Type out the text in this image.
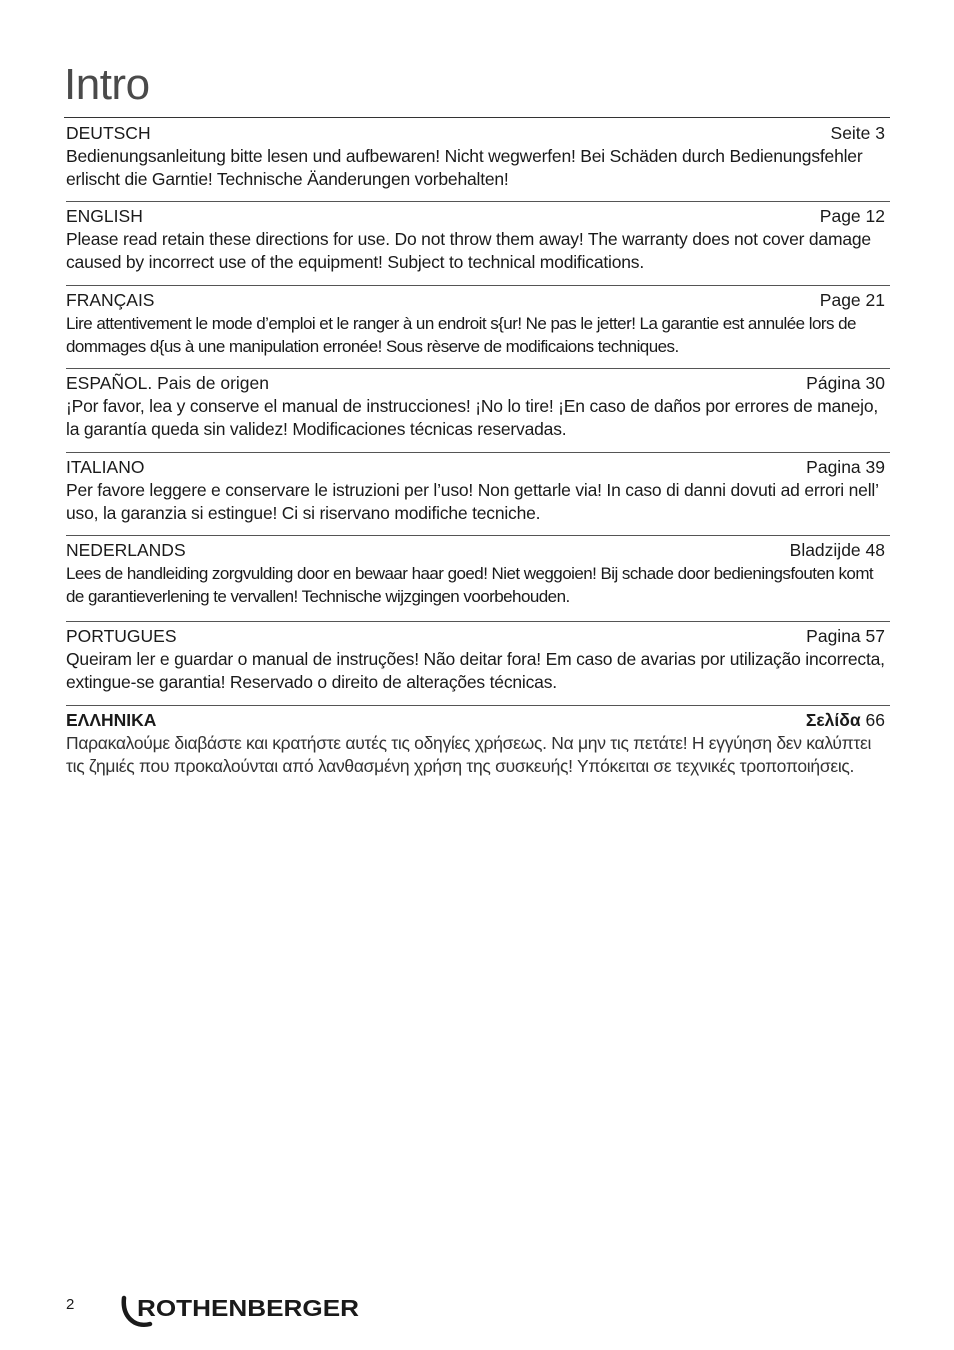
Intro
DEUTSCH	Seite 3
Bedienungsanleitung bitte lesen und aufbewaren! Nicht wegwerfen! Bei Schäden durch Bedienungsfehler erlischt die Garntie! Technische Äanderungen vorbehalten!
ENGLISH	Page 12
Please read retain these directions for use. Do not throw them away! The warranty does not cover damage caused by incorrect use of the equipment! Subject to technical modifications.
FRANÇAIS	Page 21
Lire attentivement le mode d’emploi et le ranger à un endroit s{ur! Ne pas le jetter! La garantie est annulée lors de dommages d{us à une manipulation erronée! Sous rèserve de modificaions techniques.
ESPAÑOL. Pais de origen	Página 30
¡Por favor, lea y conserve el manual de instrucciones! ¡No lo tire! ¡En caso de daños por errores de manejo, la garantía queda sin validez! Modificaciones técnicas reservadas.
ITALIANO	Pagina 39
Per favore leggere e conservare le istruzioni per l’uso! Non gettarle via! In caso di danni dovuti ad errori nell’ uso, la garanzia si estingue! Ci si riservano modifiche tecniche.
NEDERLANDS	Bladzijde 48
Lees de handleiding zorgvulding door en bewaar haar goed! Niet weggoien! Bij schade door bedieningsfouten komt de garantieverlening te vervallen! Technische wijzgingen voorbehouden.
PORTUGUES	Pagina 57
Queiram ler e guardar o manual de instruções! Não deitar fora! Em caso de avarias por utilização incorrecta, extingue-se garantia! Reservado o direito de alterações técnicas.
ΕΛΛΗΝΙΚΑ	Σελίδα 66
Παρακαλούμε διαβάστε και κρατήστε αυτές τις οδηγίες χρήσεως. Να μην τις πετάτε! Η εγγύηση δεν καλύπτει τις ζημιές που προκαλούνται από λανθασμένη χρήση της συσκευής! Υπόκειται σε τεχνικές τροποποιήσεις.
2	ROTHENBERGER
